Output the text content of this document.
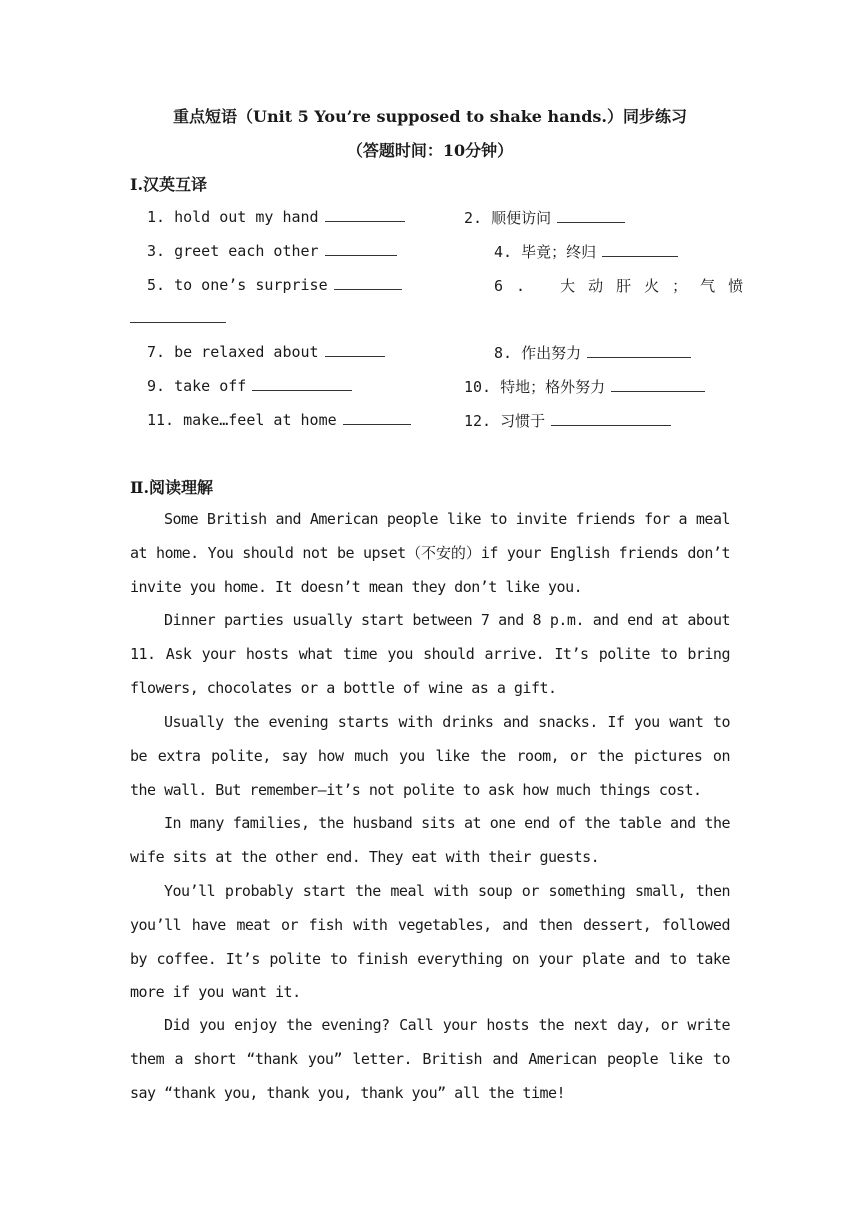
重点短语（Unit 5 You’re supposed to shake hands.）同步练习
（答题时间：10分钟）
Ⅰ.汉英互译
1. hold out my hand	2. 顺便访问
3. greet each other	4. 毕竟；终归
5. to one’s surprise	6. 大动肝火；气愤
7. be relaxed about	8. 作出努力
9. take off	10. 特地；格外努力
11. make…feel at home	12. 习惯于
Ⅱ.阅读理解
Some British and American people like to invite friends for a meal at home. You should not be upset（不安的）if your English friends don’t invite you home. It doesn’t mean they don’t like you.
Dinner parties usually start between 7 and 8 p.m. and end at about 11. Ask your hosts what time you should arrive. It’s polite to bring flowers, chocolates or a bottle of wine as a gift.
Usually the evening starts with drinks and snacks. If you want to be extra polite, say how much you like the room, or the pictures on the wall. But remember—it’s not polite to ask how much things cost.
In many families, the husband sits at one end of the table and the wife sits at the other end. They eat with their guests.
You’ll probably start the meal with soup or something small, then you’ll have meat or fish with vegetables, and then dessert, followed by coffee. It’s polite to finish everything on your plate and to take more if you want it.
Did you enjoy the evening? Call your hosts the next day, or write them a short “thank you” letter. British and American people like to say “thank you, thank you, thank you” all the time!
